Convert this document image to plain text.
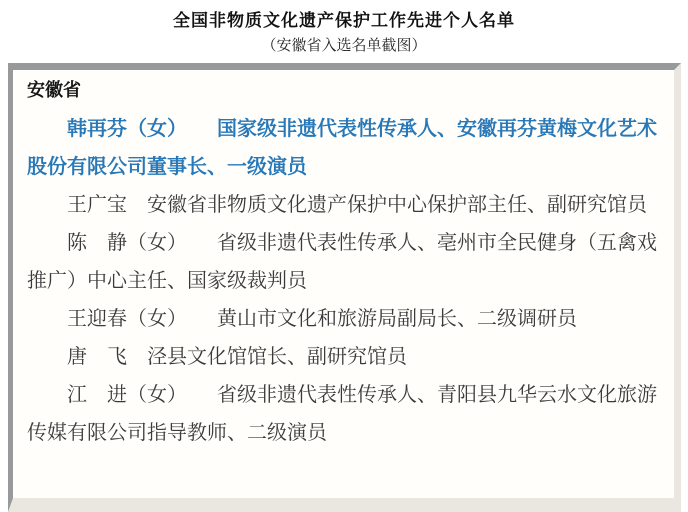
全国非物质文化遗产保护工作先进个人名单
（安徽省入选名单截图）
安徽省

韩再芬（女）　　国家级非遗代表性传承人、安徽再芬黄梅文化艺术股份有限公司董事长、一级演员

王广宝　安徽省非物质文化遗产保护中心保护部主任、副研究馆员

陈　静（女）　　省级非遗代表性传承人、亳州市全民健身（五禽戏推广）中心主任、国家级裁判员

王迎春（女）　　黄山市文化和旅游局副局长、二级调研员

唐　飞　泾县文化馆馆长、副研究馆员

江　进（女）　　省级非遗代表性传承人、青阳县九华云水文化旅游传媒有限公司指导教师、二级演员
